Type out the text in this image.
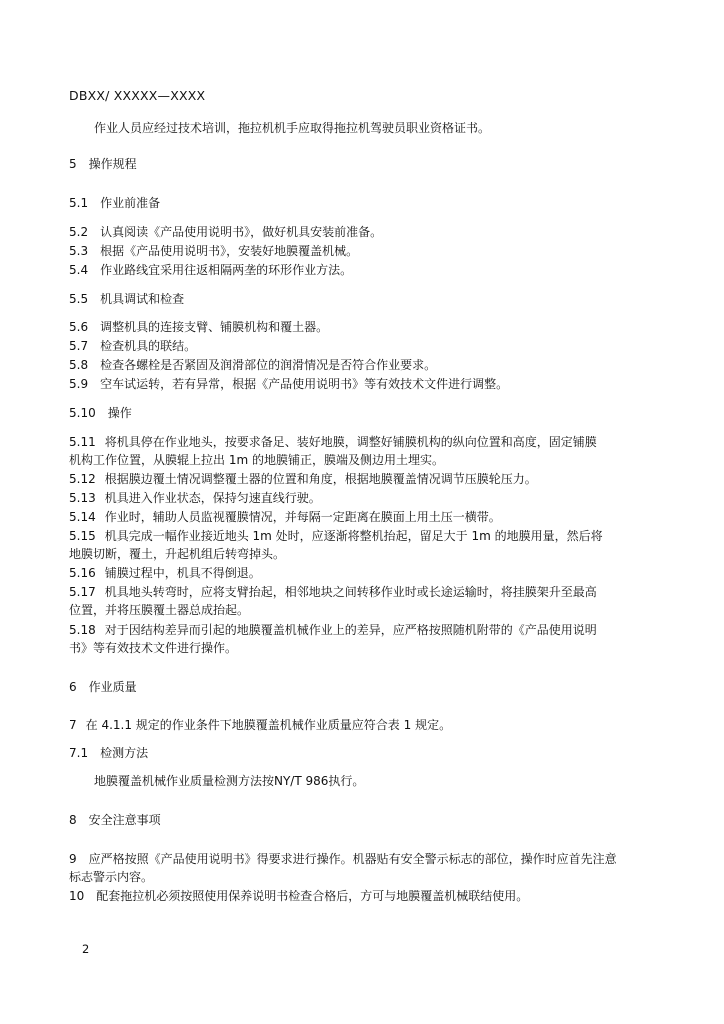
DBXX/ XXXXX—XXXX
作业人员应经过技术培训，拖拉机机手应取得拖拉机驾驶员职业资格证书。
5 操作规程
5.1 作业前准备
5.2 认真阅读《产品使用说明书》，做好机具安装前准备。
5.3 根据《产品使用说明书》，安装好地膜覆盖机械。
5.4 作业路线宜采用往返相隔两垄的环形作业方法。
5.5 机具调试和检查
5.6 调整机具的连接支臂、铺膜机构和覆土器。
5.7 检查机具的联结。
5.8 检查各螺栓是否紧固及润滑部位的润滑情况是否符合作业要求。
5.9 空车试运转，若有异常，根据《产品使用说明书》等有效技术文件进行调整。
5.10 操作
5.11 将机具停在作业地头，按要求备足、装好地膜，调整好铺膜机构的纵向位置和高度，固定铺膜
机构工作位置，从膜辊上拉出 1m 的地膜铺正，膜端及侧边用土埋实。
5.12 根据膜边覆土情况调整覆土器的位置和角度，根据地膜覆盖情况调节压膜轮压力。
5.13 机具进入作业状态，保持匀速直线行驶。
5.14 作业时，辅助人员监视覆膜情况，并每隔一定距离在膜面上用土压一横带。
5.15 机具完成一幅作业接近地头 1m 处时，应逐渐将整机抬起，留足大于 1m 的地膜用量，然后将
地膜切断，覆土，升起机组后转弯掉头。
5.16 铺膜过程中，机具不得倒退。
5.17 机具地头转弯时，应将支臂抬起，相邻地块之间转移作业时或长途运输时，将挂膜架升至最高
位置，并将压膜覆土器总成抬起。
5.18 对于因结构差异而引起的地膜覆盖机械作业上的差异，应严格按照随机附带的《产品使用说明
书》等有效技术文件进行操作。
6 作业质量
7 在 4.1.1 规定的作业条件下地膜覆盖机械作业质量应符合表 1 规定。
7.1 检测方法
地膜覆盖机械作业质量检测方法按NY/T 986执行。
8 安全注意事项
9 应严格按照《产品使用说明书》得要求进行操作。机器贴有安全警示标志的部位，操作时应首先注意
标志警示内容。
10 配套拖拉机必须按照使用保养说明书检查合格后，方可与地膜覆盖机械联结使用。
2
